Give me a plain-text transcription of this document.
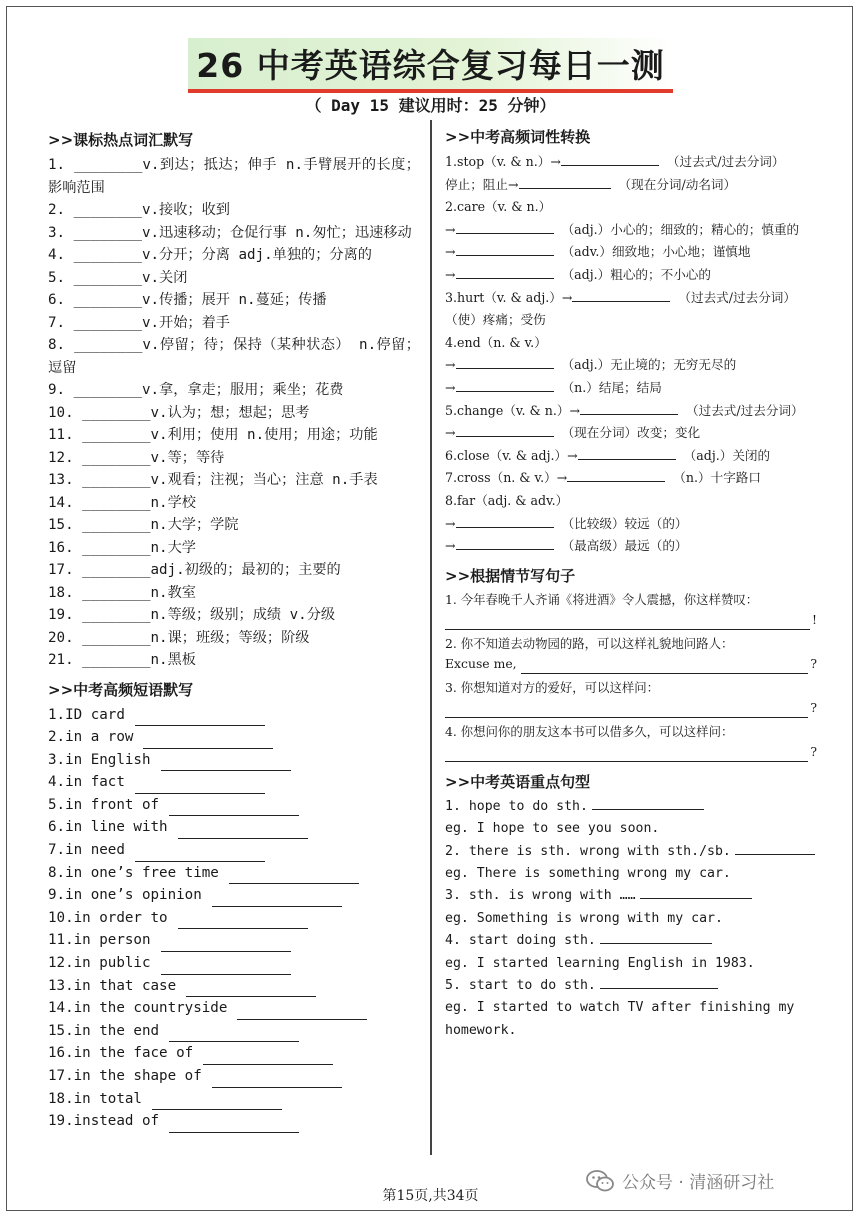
26 中考英语综合复习每日一测
（ Day 15 建议用时：25 分钟）
>>课标热点词汇默写
1. ________v.到达；抵达；伸手 n.手臂展开的长度；影响范围
2. ________v.接收；收到
3. ________v.迅速移动；仓促行事 n.匆忙；迅速移动
4. ________v.分开；分离 adj.单独的；分离的
5. ________v.关闭
6. ________v.传播；展开 n.蔓延；传播
7. ________v.开始；着手
8. ________v.停留；待；保持（某种状态） n.停留；逗留
9. ________v.拿，拿走；服用；乘坐；花费
10. ________v.认为；想；想起；思考
11. ________v.利用；使用 n.使用；用途；功能
12. ________v.等；等待
13. ________v.观看；注视；当心；注意 n.手表
14. ________n.学校
15. ________n.大学；学院
16. ________n.大学
17. ________adj.初级的；最初的；主要的
18. ________n.教室
19. ________n.等级；级别；成绩 v.分级
20. ________n.课；班级；等级；阶级
21. ________n.黑板
>>中考高频短语默写
1.ID card
2.in a row
3.in English
4.in fact
5.in front of
6.in line with
7.in need
8.in one’s free time
9.in one’s opinion
10.in order to
11.in person
12.in public
13.in that case
14.in the countryside
15.in the end
16.in the face of
17.in the shape of
18.in total
19.instead of
>>中考高频词性转换
1.stop（v. & n.）→	（过去式/过去分词）
停止；阻止→	（现在分词/动名词）
2.care（v. & n.）
→	（adj.）小心的；细致的；精心的；慎重的
→	（adv.）细致地；小心地；谨慎地
→	（adj.）粗心的；不小心的
3.hurt（v. & adj.）→	（过去式/过去分词）
（使）疼痛；受伤
4.end（n. & v.）
→	（adj.）无止境的；无穷无尽的
→	（n.）结尾；结局
5.change（v. & n.）→	（过去式/过去分词）
→	（现在分词）改变；变化
6.close（v. & adj.）→	（adj.）关闭的
7.cross（n. & v.）→	（n.）十字路口
8.far（adj. & adv.）
→	（比较级）较远（的）
→	（最高级）最远（的）
>>根据情节写句子
1. 今年春晚千人齐诵《将进酒》令人震撼，你这样赞叹：
!
2. 你不知道去动物园的路，可以这样礼貌地问路人：
Excuse me,	?
3. 你想知道对方的爱好，可以这样问：
?
4. 你想问你的朋友这本书可以借多久，可以这样问：
?
>>中考英语重点句型
1. hope to do sth.
eg. I hope to see you soon.
2. there is sth. wrong with sth./sb.
eg. There is something wrong my car.
3. sth. is wrong with ……
eg. Something is wrong with my car.
4. start doing sth.
eg. I started learning English in 1983.
5. start to do sth.
eg. I started to watch TV after finishing my homework.
第15页,共34页
公众号 · 清涵研习社
